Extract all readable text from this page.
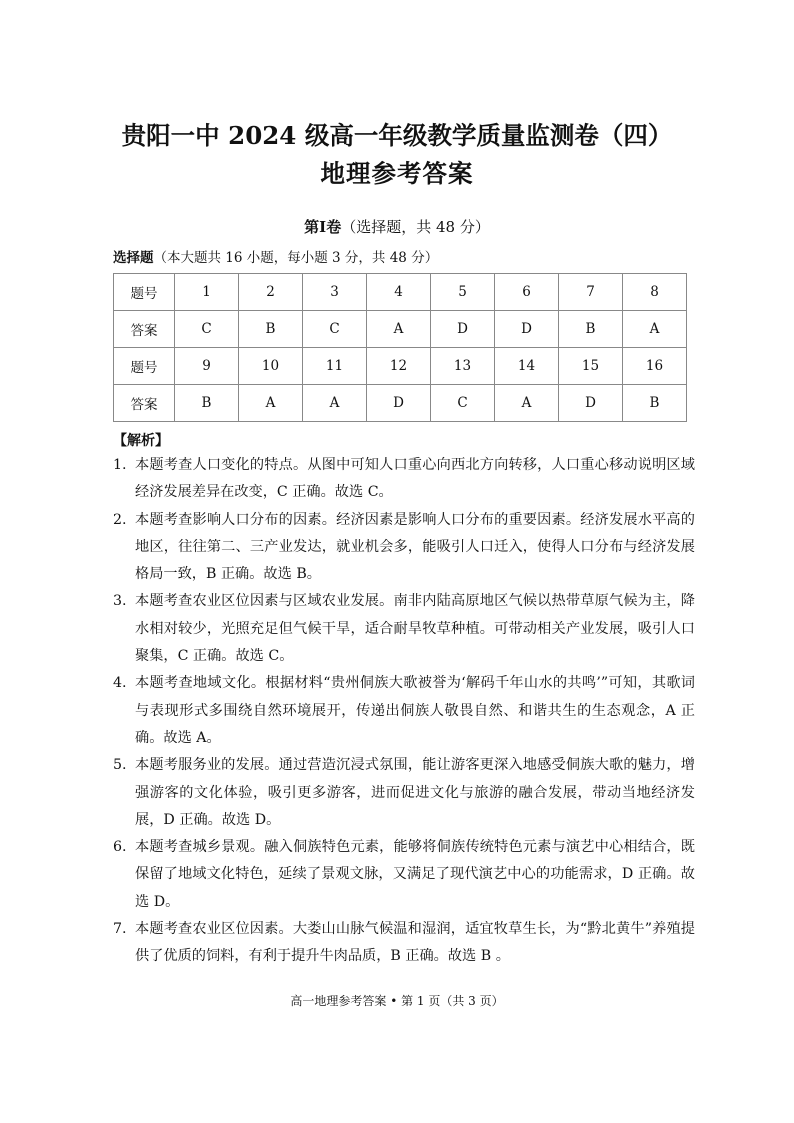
贵阳一中 2024 级高一年级教学质量监测卷（四）
地理参考答案
第Ⅰ卷（选择题，共 48 分）
选择题（本大题共 16 小题，每小题 3 分，共 48 分）
题号	1	2	3	4	5	6	7	8
答案	C	B	C	A	D	D	B	A
题号	9	10	11	12	13	14	15	16
答案	B	A	A	D	C	A	D	B
【解析】
1. 本题考查人口变化的特点。从图中可知人口重心向西北方向转移，人口重心移动说明区域经济发展差异在改变，C 正确。故选 C。
2. 本题考查影响人口分布的因素。经济因素是影响人口分布的重要因素。经济发展水平高的地区，往往第二、三产业发达，就业机会多，能吸引人口迁入，使得人口分布与经济发展格局一致，B 正确。故选 B。
3. 本题考查农业区位因素与区域农业发展。南非内陆高原地区气候以热带草原气候为主，降水相对较少，光照充足但气候干旱，适合耐旱牧草种植。可带动相关产业发展，吸引人口聚集，C 正确。故选 C。
4. 本题考查地域文化。根据材料“贵州侗族大歌被誉为‘解码千年山水的共鸣’”可知，其歌词与表现形式多围绕自然环境展开，传递出侗族人敬畏自然、和谐共生的生态观念，A 正确。故选 A。
5. 本题考服务业的发展。通过营造沉浸式氛围，能让游客更深入地感受侗族大歌的魅力，增强游客的文化体验，吸引更多游客，进而促进文化与旅游的融合发展，带动当地经济发展，D 正确。故选 D。
6. 本题考查城乡景观。融入侗族特色元素，能够将侗族传统特色元素与演艺中心相结合，既保留了地域文化特色，延续了景观文脉，又满足了现代演艺中心的功能需求，D 正确。故选 D。
7. 本题考查农业区位因素。大娄山山脉气候温和湿润，适宜牧草生长，为“黔北黄牛”养殖提供了优质的饲料，有利于提升牛肉品质，B 正确。故选 B 。
高一地理参考答案 • 第 1 页（共 3 页）
